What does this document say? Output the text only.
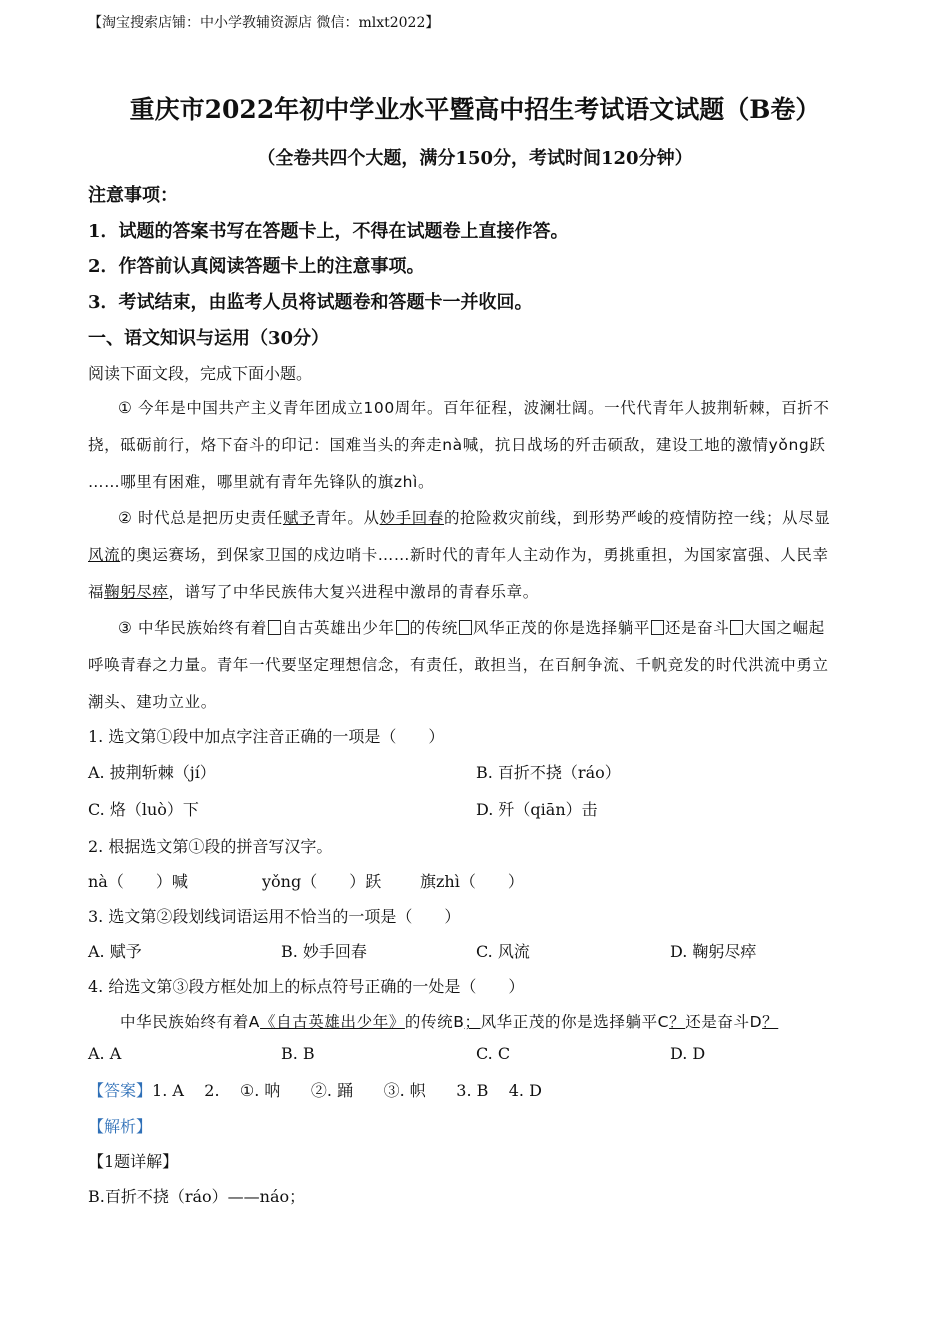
【淘宝搜索店铺：中小学教辅资源店 微信：mlxt2022】
重庆市2022年初中学业水平暨高中招生考试语文试题（B卷）
（全卷共四个大题，满分150分，考试时间120分钟）
注意事项：
1．试题的答案书写在答题卡上，不得在试题卷上直接作答。
2．作答前认真阅读答题卡上的注意事项。
3．考试结束，由监考人员将试题卷和答题卡一并收回。
一、语文知识与运用（30分）
阅读下面文段，完成下面小题。
① 今年是中国共产主义青年团成立100周年。百年征程，波澜壮阔。一代代青年人披荆斩棘，百折不
挠，砥砺前行，烙下奋斗的印记：国难当头的奔走nà喊，抗日战场的歼击硕敌，建设工地的激情yǒng跃
……哪里有困难，哪里就有青年先锋队的旗zhì。
② 时代总是把历史责任赋予青年。从妙手回春的抢险救灾前线，到形势严峻的疫情防控一线；从尽显
风流的奥运赛场，到保家卫国的戍边哨卡……新时代的青年人主动作为，勇挑重担，为国家富强、人民幸
福鞠躬尽瘁，谱写了中华民族伟大复兴进程中激昂的青春乐章。
③ 中华民族始终有着 自古英雄出少年 的传统 风华正茂的你是选择躺平 还是奋斗 大国之崛起
呼唤青春之力量。青年一代要坚定理想信念，有责任，敢担当，在百舸争流、千帆竞发的时代洪流中勇立
潮头、建功立业。
1. 选文第①段中加点字注音正确的一项是（　　）
A. 披荆斩棘（jí）	B. 百折不挠（ráo）
C. 烙（luò）下	D. 歼（qiān）击
2. 根据选文第①段的拼音写汉字。
nà（　　）喊	yǒng（　　）跃 旗zhì（　　）
3. 选文第②段划线词语运用不恰当的一项是（　　）
A. 赋予	B. 妙手回春	C. 风流	D. 鞠躬尽瘁
4. 给选文第③段方框处加上的标点符号正确的一处是（　　）
中华民族始终有着A《自古英雄出少年》的传统B；风华正茂的你是选择躺平C？还是奋斗D？
A. A	B. B	C. C	D. D
【答案】1. A    2.    ①. 呐      ②. 踊      ③. 帜      3. B    4. D
【解析】
【1题详解】
B.百折不挠（ráo）——náo；
